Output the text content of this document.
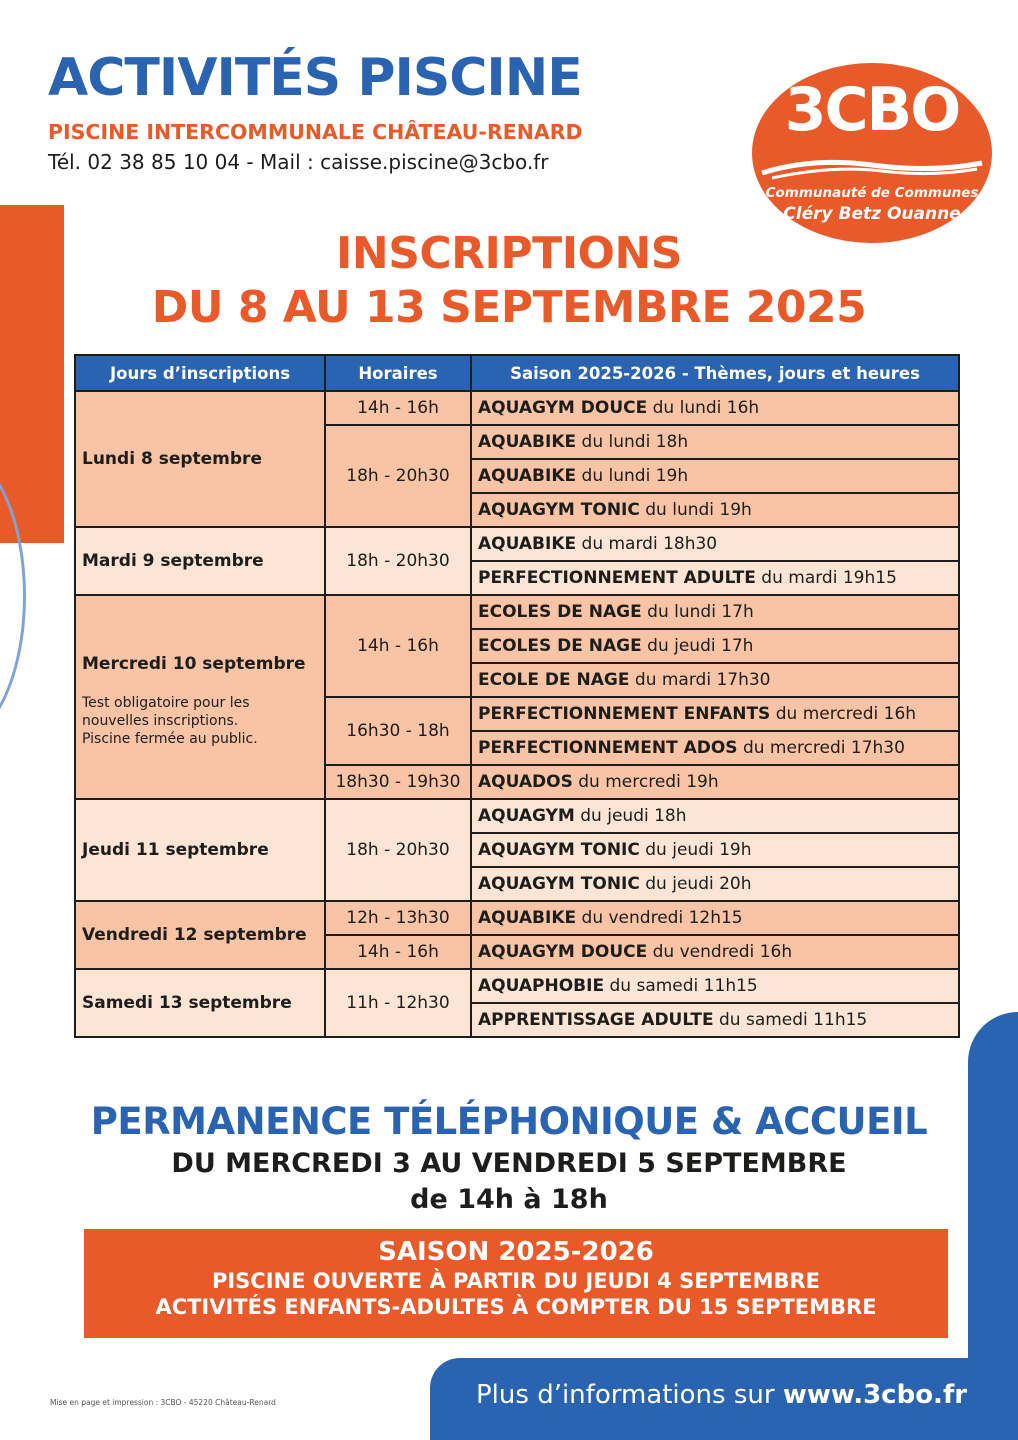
ACTIVITÉS PISCINE

PISCINE INTERCOMMUNALE CHÂTEAU-RENARD

Tél. 02 38 85 10 04 - Mail : caisse.piscine@3cbo.fr

3CBO
Communauté de Communes
Cléry Betz Ouanne
INSCRIPTIONS
DU 8 AU 13 SEPTEMBRE 2025
Jours d’inscriptions	Horaires	Saison 2025-2026 - Thèmes, jours et heures
Lundi 8 septembre	14h - 16h	AQUAGYM DOUCE du lundi 16h
	18h - 20h30	AQUABIKE du lundi 18h
		AQUABIKE du lundi 19h
		AQUAGYM TONIC du lundi 19h
Mardi 9 septembre	18h - 20h30	AQUABIKE du mardi 18h30
		PERFECTIONNEMENT ADULTE du mardi 19h15

Mercredi 10 septembre
Test obligatoire pour les nouvelles inscriptions. Piscine fermée au public.	14h - 16h	ECOLES DE NAGE du lundi 17h
		ECOLES DE NAGE du jeudi 17h
		ECOLE DE NAGE du mardi 17h30
	16h30 - 18h	PERFECTIONNEMENT ENFANTS du mercredi 16h
		PERFECTIONNEMENT ADOS du mercredi 17h30
	18h30 - 19h30	AQUADOS du mercredi 19h
Jeudi 11 septembre	18h - 20h30	AQUAGYM du jeudi 18h
		AQUAGYM TONIC du jeudi 19h
		AQUAGYM TONIC du jeudi 20h
Vendredi 12 septembre	12h - 13h30	AQUABIKE du vendredi 12h15
	14h - 16h	AQUAGYM DOUCE du vendredi 16h
Samedi 13 septembre	11h - 12h30	AQUAPHOBIE du samedi 11h15
		APPRENTISSAGE ADULTE du samedi 11h15
PERMANENCE TÉLÉPHONIQUE & ACCUEIL

DU MERCREDI 3 AU VENDREDI 5 SEPTEMBRE

de 14h à 18h

SAISON 2025-2026
PISCINE OUVERTE À PARTIR DU JEUDI 4 SEPTEMBRE
ACTIVITÉS ENFANTS-ADULTES À COMPTER DU 15 SEPTEMBRE
Mise en page et impression : 3CBO - 45220 Château-Renard	Plus d’informations sur www.3cbo.fr
